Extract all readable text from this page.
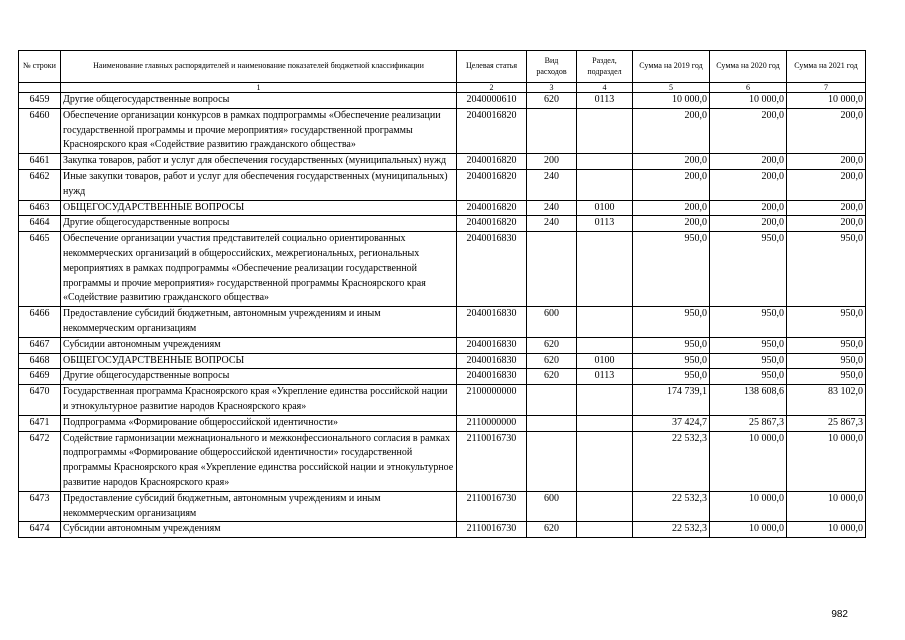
№ строки	Наименование главных распорядителей и наименование показателей бюджетной классификации	Целевая статья	Вид расходов	Раздел, подраздел	Сумма на 2019 год	Сумма на 2020 год	Сумма на 2021 год
	1	2	3	4	5	6	7
6459	Другие общегосударственные вопросы	2040000610	620	0113	10 000,0	10 000,0	10 000,0
6460	Обеспечение организации конкурсов в рамках подпрограммы «Обеспечение реализации государственной программы и прочие мероприятия» государственной программы Красноярского края «Содействие развитию гражданского общества»	2040016820			200,0	200,0	200,0
6461	Закупка товаров, работ и услуг для обеспечения государственных (муниципальных) нужд	2040016820	200		200,0	200,0	200,0
6462	Иные закупки товаров, работ и услуг для обеспечения государственных (муниципальных) нужд	2040016820	240		200,0	200,0	200,0
6463	ОБЩЕГОСУДАРСТВЕННЫЕ ВОПРОСЫ	2040016820	240	0100	200,0	200,0	200,0
6464	Другие общегосударственные вопросы	2040016820	240	0113	200,0	200,0	200,0
6465	Обеспечение организации участия представителей социально ориентированных некоммерческих организаций в общероссийских, межрегиональных, региональных мероприятиях в рамках подпрограммы «Обеспечение реализации государственной программы и прочие мероприятия» государственной программы Красноярского края «Содействие развитию гражданского общества»	2040016830			950,0	950,0	950,0
6466	Предоставление субсидий бюджетным, автономным учреждениям и иным некоммерческим организациям	2040016830	600		950,0	950,0	950,0
6467	Субсидии автономным учреждениям	2040016830	620		950,0	950,0	950,0
6468	ОБЩЕГОСУДАРСТВЕННЫЕ ВОПРОСЫ	2040016830	620	0100	950,0	950,0	950,0
6469	Другие общегосударственные вопросы	2040016830	620	0113	950,0	950,0	950,0
6470	Государственная программа Красноярского края «Укрепление единства российской нации и этнокультурное развитие народов Красноярского края»	2100000000			174 739,1	138 608,6	83 102,0
6471	Подпрограмма «Формирование общероссийской идентичности»	2110000000			37 424,7	25 867,3	25 867,3
6472	Содействие гармонизации межнационального и межконфессионального согласия в рамках подпрограммы «Формирование общероссийской идентичности» государственной программы Красноярского края «Укрепление единства российской нации и этнокультурное развитие народов Красноярского края»	2110016730			22 532,3	10 000,0	10 000,0
6473	Предоставление субсидий бюджетным, автономным учреждениям и иным некоммерческим организациям	2110016730	600		22 532,3	10 000,0	10 000,0
6474	Субсидии автономным учреждениям	2110016730	620		22 532,3	10 000,0	10 000,0
982
